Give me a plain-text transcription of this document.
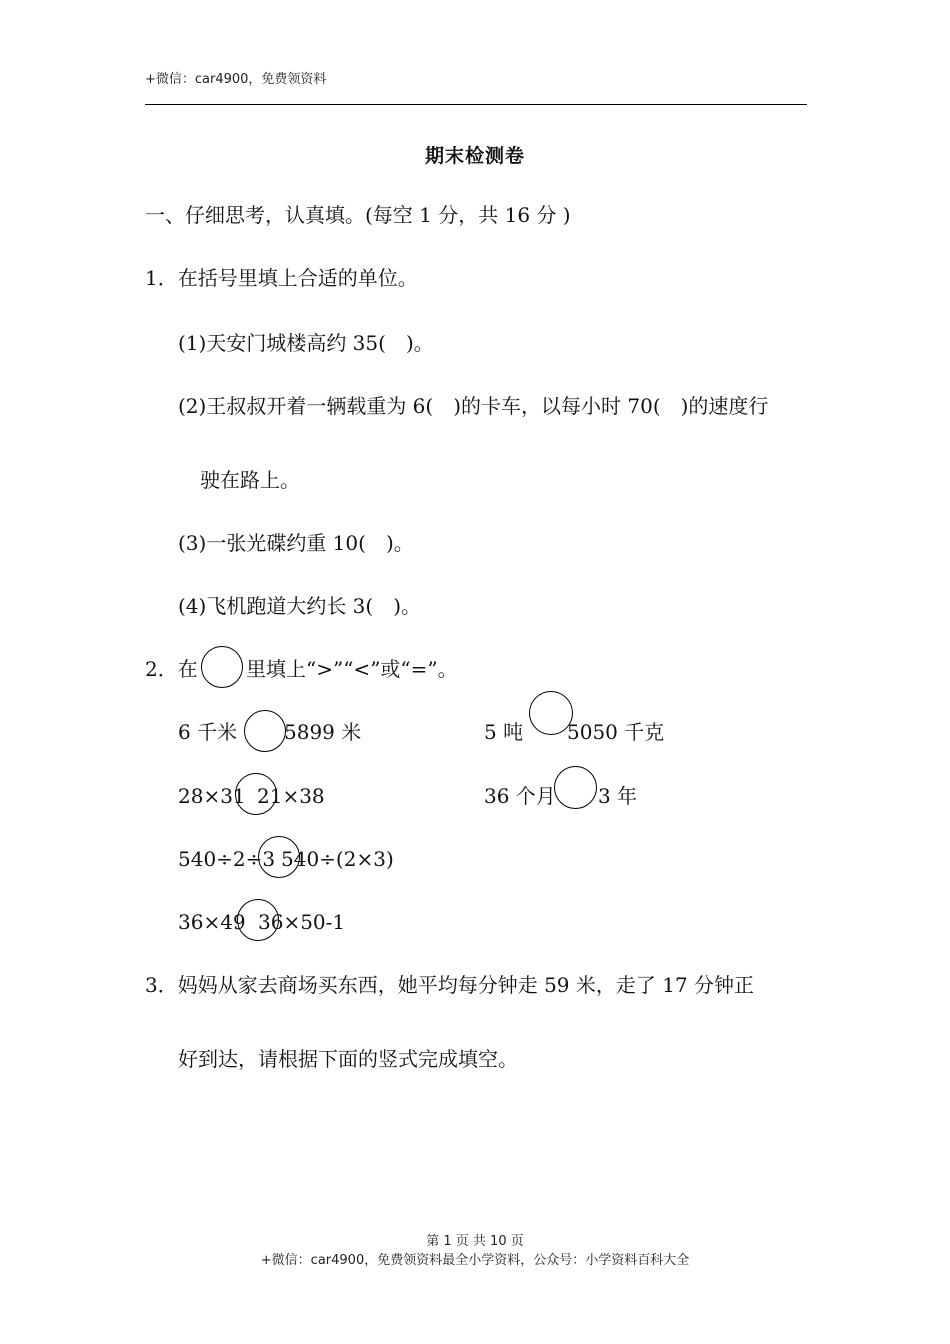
+微信：car4900，免费领资料
期末检测卷
一、仔细思考，认真填。(每空 1 分，共 16 分 )
1．在括号里填上合适的单位。
(1)天安门城楼高约 35(　)。
(2)王叔叔开着一辆载重为 6(　)的卡车，以每小时 70(　)的速度行
驶在路上。
(3)一张光碟约重 10(　)。
(4)飞机跑道大约长 3(　)。
2．在 里填上“>”“<”或“=”。
6 千米 5899 米
28×31 21×38
540÷2÷3 540÷(2×3)
36×49 36×50-1
5 吨 5050 千克
36 个月 3 年
3．妈妈从家去商场买东西，她平均每分钟走 59 米，走了 17 分钟正
好到达，请根据下面的竖式完成填空。
第 1 页 共 10 页
+微信：car4900，免费领资料最全小学资料，公众号：小学资料百科大全
